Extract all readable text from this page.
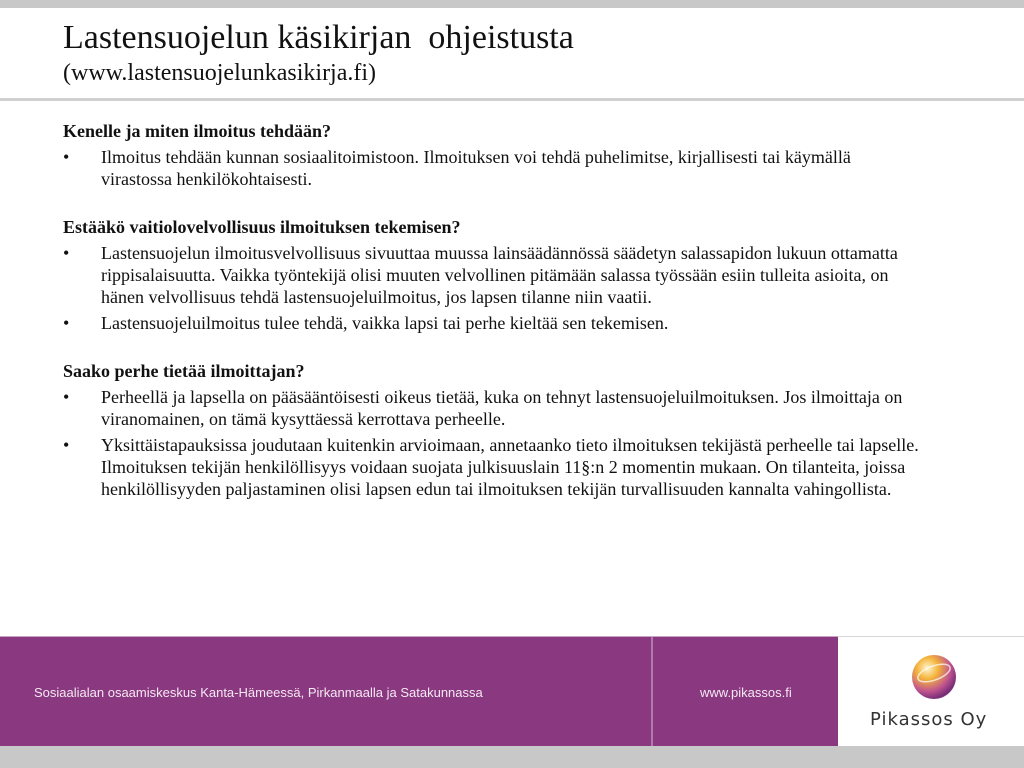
Lastensuojelun käsikirjan  ohjeistusta

(www.lastensuojelunkasikirja.fi)

Kenelle ja miten ilmoitus tehdään?

• Ilmoitus tehdään kunnan sosiaalitoimistoon. Ilmoituksen voi tehdä puhelimitse, kirjallisesti tai käymällä virastossa henkilökohtaisesti.

Estääkö vaitiolovelvollisuus ilmoituksen tekemisen?

• Lastensuojelun ilmoitusvelvollisuus sivuuttaa muussa lainsäädännössä säädetyn salassapidon lukuun ottamatta rippisalaisuutta. Vaikka työntekijä olisi muuten velvollinen pitämään salassa työssään esiin tulleita asioita, on hänen velvollisuus tehdä lastensuojeluilmoitus, jos lapsen tilanne niin vaatii.
• Lastensuojeluilmoitus tulee tehdä, vaikka lapsi tai perhe kieltää sen tekemisen.

Saako perhe tietää ilmoittajan?

• Perheellä ja lapsella on pääsääntöisesti oikeus tietää, kuka on tehnyt lastensuojeluilmoituksen. Jos ilmoittaja on viranomainen, on tämä kysyttäessä kerrottava perheelle.
• Yksittäistapauksissa joudutaan kuitenkin arvioimaan, annetaanko tieto ilmoituksen tekijästä perheelle tai lapselle. Ilmoituksen tekijän henkilöllisyys voidaan suojata julkisuuslain 11§:n 2 momentin mukaan. On tilanteita, joissa henkilöllisyyden paljastaminen olisi lapsen edun tai ilmoituksen tekijän turvallisuuden kannalta vahingollista.
Sosiaalialan osaamiskeskus Kanta-Hämeessä, Pirkanmaalla ja Satakunnassa	www.pikassos.fi
Pikassos Oy
